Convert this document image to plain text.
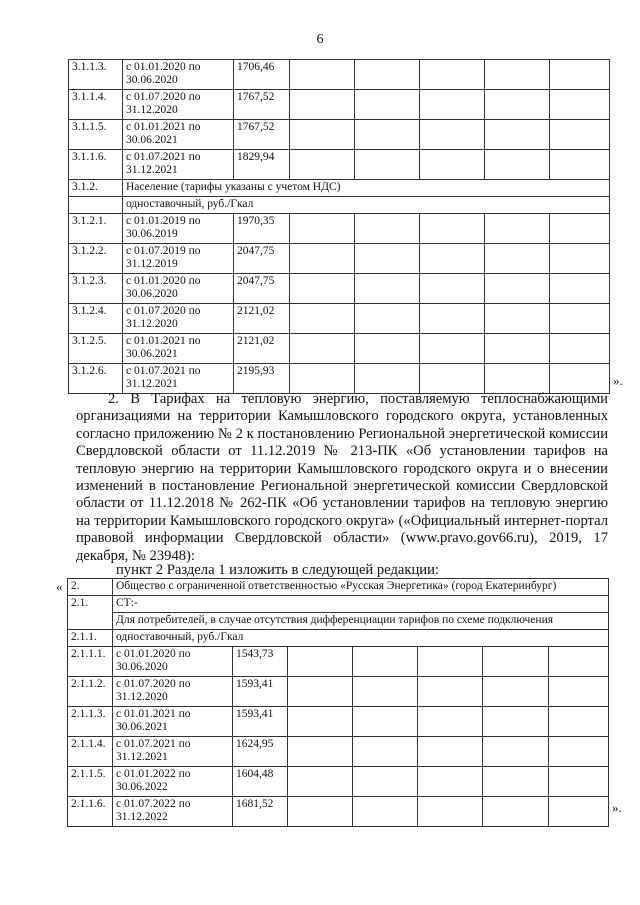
6
3.1.1.3.	с 01.01.2020 по
30.06.2020	1706,46					
3.1.1.4.	с 01.07.2020 по
31.12.2020	1767,52					
3.1.1.5.	с 01.01.2021 по
30.06.2021	1767,52					
3.1.1.6.	с 01.07.2021 по
31.12.2021	1829,94					
3.1.2.	Население (тарифы указаны с учетом НДС)						
	одноставочный, руб./Гкал						
3.1.2.1.	с 01.01.2019 по
30.06.2019	1970,35					
3.1.2.2.	с 01.07.2019 по
31.12.2019	2047,75					
3.1.2.3.	с 01.01.2020 по
30.06.2020	2047,75					
3.1.2.4.	с 01.07.2020 по
31.12.2020	2121,02					
3.1.2.5.	с 01.01.2021 по
30.06.2021	2121,02					
3.1.2.6.	с 01.07.2021 по
31.12.2021	2195,93					
».

2. В Тарифах на тепловую энергию, поставляемую теплоснабжающими организациями на территории Камышловского городского округа, установленных согласно приложению № 2 к постановлению Региональной энергетической комиссии Свердловской области от 11.12.2019 № 213-ПК «Об установлении тарифов на тепловую энергию на территории Камышловского городского округа и о внесении изменений в постановление Региональной энергетической комиссии Свердловской области от 11.12.2018 № 262-ПК «Об установлении тарифов на тепловую энергию на территории Камышловского городского округа» («Официальный интернет-портал правовой информации Свердловской области» (www.pravo.gov66.ru), 2019, 17 декабря, № 23948):

пункт 2 Раздела 1 изложить в следующей редакции:
« 2.	Общество с ограниченной ответственностью «Русская Энергетика» (город Екатеринбург)						
2.1.	СТ:-						
	Для потребителей, в случае отсутствия дифференциации тарифов по схеме подключения						
2.1.1.	одноставочный, руб./Гкал						
2.1.1.1.	с 01.01.2020 по
30.06.2020	1543,73					
2.1.1.2.	с 01.07.2020 по
31.12.2020	1593,41					
2.1.1.3.	с 01.01.2021 по
30.06.2021	1593,41					
2.1.1.4.	с 01.07.2021 по
31.12.2021	1624,95					
2.1.1.5.	с 01.01.2022 по
30.06.2022	1604,48					
2.1.1.6.	с 01.07.2022 по
31.12.2022	1681,52						».
